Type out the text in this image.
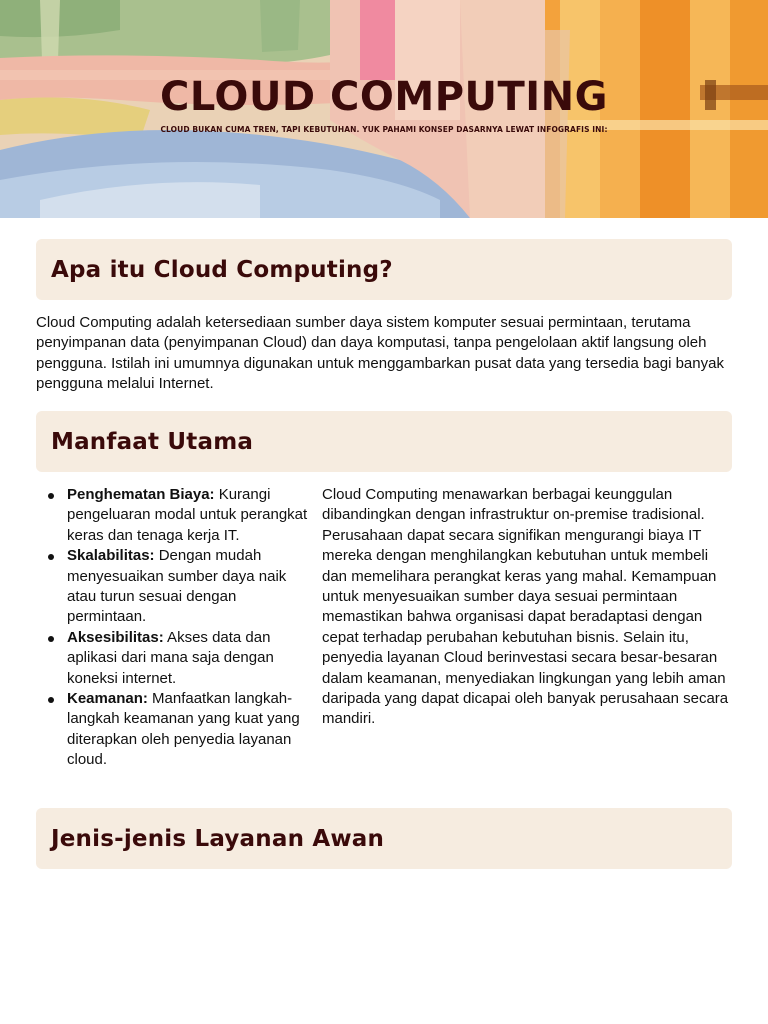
CLOUD COMPUTING

CLOUD BUKAN CUMA TREN, TAPI KEBUTUHAN. YUK PAHAMI KONSEP DASARNYA LEWAT INFOGRAFIS INI:

Apa itu Cloud Computing?

Cloud Computing adalah ketersediaan sumber daya sistem komputer sesuai permintaan, terutama penyimpanan data (penyimpanan Cloud) dan daya komputasi, tanpa pengelolaan aktif langsung oleh pengguna. Istilah ini umumnya digunakan untuk menggambarkan pusat data yang tersedia bagi banyak pengguna melalui Internet.

Manfaat Utama
Penghematan Biaya: Kurangi pengeluaran modal untuk perangkat keras dan tenaga kerja IT.
Skalabilitas: Dengan mudah menyesuaikan sumber daya naik atau turun sesuai dengan permintaan.
Aksesibilitas: Akses data dan aplikasi dari mana saja dengan koneksi internet.
Keamanan: Manfaatkan langkah-langkah keamanan yang kuat yang diterapkan oleh penyedia layanan cloud.

Cloud Computing menawarkan berbagai keunggulan dibandingkan dengan infrastruktur on-premise tradisional. Perusahaan dapat secara signifikan mengurangi biaya IT mereka dengan menghilangkan kebutuhan untuk membeli dan memelihara perangkat keras yang mahal. Kemampuan untuk menyesuaikan sumber daya sesuai permintaan memastikan bahwa organisasi dapat beradaptasi dengan cepat terhadap perubahan kebutuhan bisnis. Selain itu, penyedia layanan Cloud berinvestasi secara besar-besaran dalam keamanan, menyediakan lingkungan yang lebih aman daripada yang dapat dicapai oleh banyak perusahaan secara mandiri.

Jenis-jenis Layanan Awan
